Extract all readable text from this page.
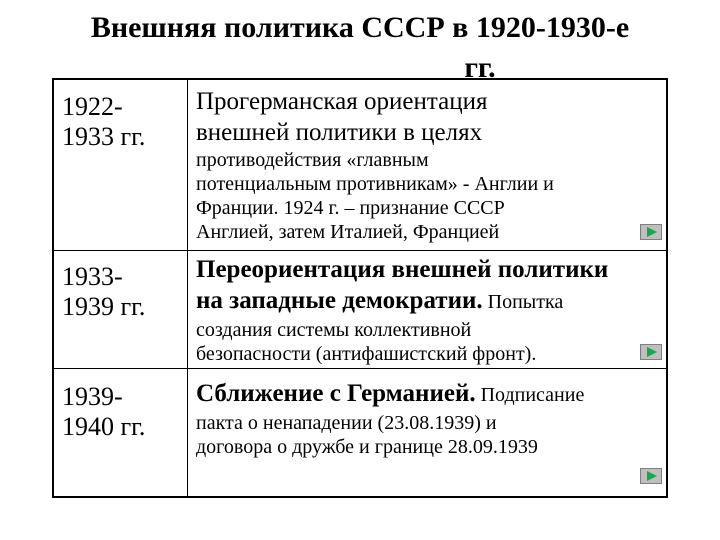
Внешняя политика СССР в 1920-1930-е
гг.
1922-
1933 гг.
Прогерманская ориентация
внешней политики в целях
противодействия «главным
потенциальным противникам» - Англии и
Франции. 1924 г. – признание СССР
Англией, затем Италией, Францией
1933-
1939 гг.
Переориентация внешней политики
на западные демократии. Попытка
создания системы коллективной
безопасности (антифашистский фронт).
1939-
1940 гг.
Сближение с Германией. Подписание
пакта о ненападении (23.08.1939) и
договора о дружбе и границе 28.09.1939
